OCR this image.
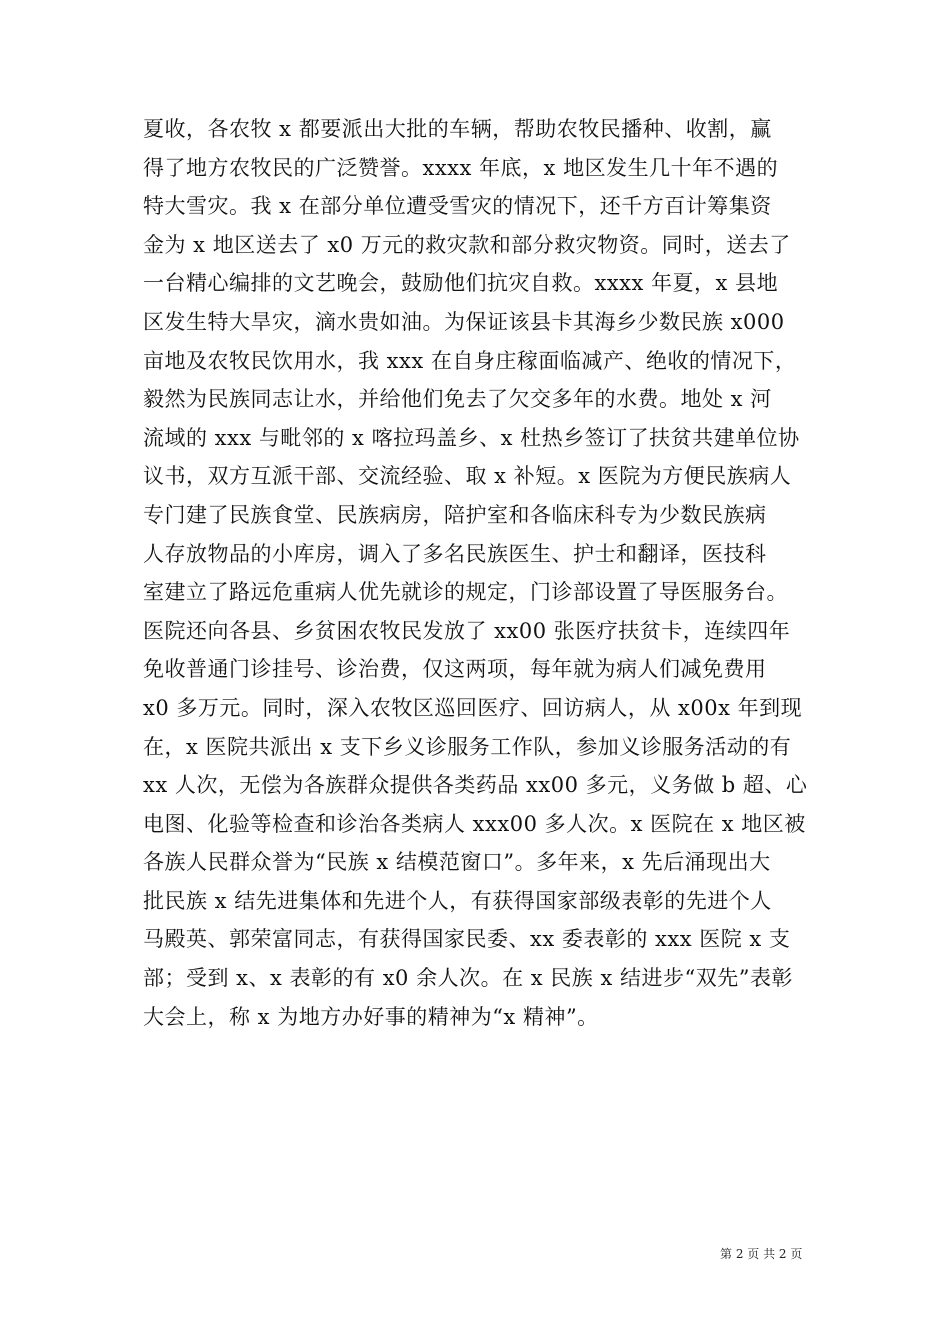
夏收，各农牧 x 都要派出大批的车辆，帮助农牧民播种、收割，赢
得了地方农牧民的广泛赞誉。xxxx 年底，x 地区发生几十年不遇的
特大雪灾。我 x 在部分单位遭受雪灾的情况下，还千方百计筹集资
金为 x 地区送去了 x0 万元的救灾款和部分救灾物资。同时，送去了
一台精心编排的文艺晚会，鼓励他们抗灾自救。xxxx 年夏，x 县地
区发生特大旱灾，滴水贵如油。为保证该县卡其海乡少数民族 x000
亩地及农牧民饮用水，我 xxx 在自身庄稼面临减产、绝收的情况下，
毅然为民族同志让水，并给他们免去了欠交多年的水费。地处 x 河
流域的 xxx 与毗邻的 x 喀拉玛盖乡、x 杜热乡签订了扶贫共建单位协
议书，双方互派干部、交流经验、取 x 补短。x 医院为方便民族病人
专门建了民族食堂、民族病房，陪护室和各临床科专为少数民族病
人存放物品的小库房，调入了多名民族医生、护士和翻译，医技科
室建立了路远危重病人优先就诊的规定，门诊部设置了导医服务台。
医院还向各县、乡贫困农牧民发放了 xx00 张医疗扶贫卡，连续四年
免收普通门诊挂号、诊治费，仅这两项，每年就为病人们减免费用
x0 多万元。同时，深入农牧区巡回医疗、回访病人，从 x00x 年到现
在，x 医院共派出 x 支下乡义诊服务工作队，参加义诊服务活动的有
xx 人次，无偿为各族群众提供各类药品 xx00 多元，义务做 b 超、心
电图、化验等检查和诊治各类病人 xxx00 多人次。x 医院在 x 地区被
各族人民群众誉为“民族 x 结模范窗口”。多年来，x 先后涌现出大
批民族 x 结先进集体和先进个人，有获得国家部级表彰的先进个人
马殿英、郭荣富同志，有获得国家民委、xx 委表彰的 xxx 医院 x 支
部；受到 x、x 表彰的有 x0 余人次。在 x 民族 x 结进步“双先”表彰
大会上，称 x 为地方办好事的精神为“x 精神”。
第 2 页 共 2 页
